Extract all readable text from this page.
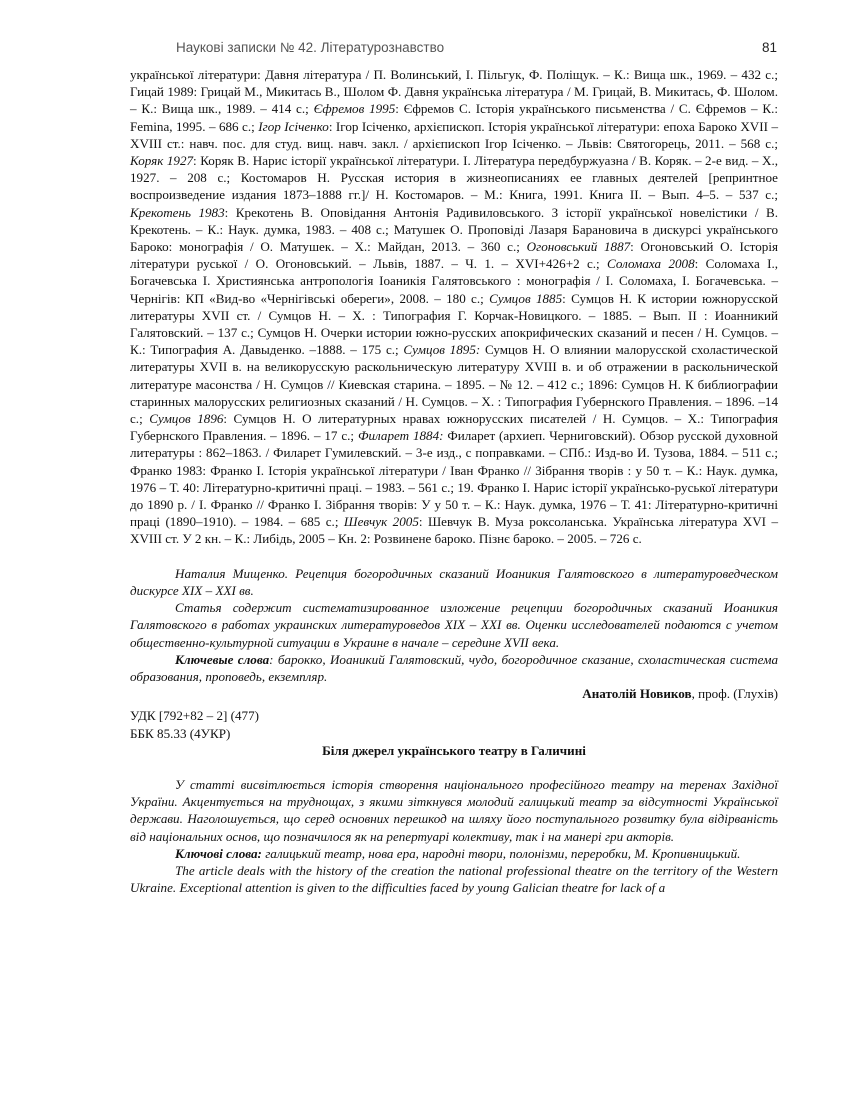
Наукові записки № 42. Літературознавство	81

української літератури: Давня література / П. Волинський, І. Пільгук, Ф. Поліщук. – К.: Вища шк., 1969. – 432 с.; Гицай 1989: Грицай М., Микитась В., Шолом Ф. Давня українська література / М. Грицай, В. Микитась, Ф. Шолом. – К.: Вища шк., 1989. – 414 с.; Єфремов 1995: Єфремов С. Історія українського письменства / С. Єфремов – К.: Femina, 1995. – 686 с.; Ігор Ісіченко: Ігор Ісіченко, архієпископ. Історія української літератури: епоха Бароко XVII – XVIII ст.: навч. пос. для студ. вищ. навч. закл. / архієпископ Ігор Ісіченко. – Львів: Святогорець, 2011. – 568 с.; Коряк 1927: Коряк В. Нарис історії української літератури. І. Література передбуржуазна / В. Коряк. – 2-е вид. – Х., 1927. – 208 с.; Костомаров Н. Русская история в жизнеописаниях ее главных деятелей [репринтное воспроизведение издания 1873–1888 гг.]/ Н. Костомаров. – М.: Книга, 1991. Книга ІІ. – Вып. 4–5. – 537 с.; Крекотень 1983: Крекотень В. Оповідання Антонія Радивиловського. З історії української новелістики / В. Крекотень. – К.: Наук. думка, 1983. – 408 с.; Матушек О. Проповіді Лазаря Барановича в дискурсі українського Бароко: монографія / О. Матушек. – Х.: Майдан, 2013. – 360 с.; Огоновський 1887: Огоновський О. Історія літератури руської / О. Огоновський. – Львів, 1887. – Ч. 1. – XVI+426+2 с.; Соломаха 2008: Соломаха І., Богачевська І. Християнська антропологія Іоаникія Галятовського : монографія / І. Соломаха, І. Богачевська. – Чернігів: КП «Вид-во «Чернігівські обереги», 2008. – 180 с.; Сумцов 1885: Сумцов Н. К истории южнорусской литературы XVII ст. / Сумцов Н. – Х. : Типография Г. Корчак-Новицкого. – 1885. – Вып. ІІ : Иоанникий Галятовский. – 137 с.; Сумцов Н. Очерки истории южно-русских апокрифических сказаний и песен / Н. Сумцов. – К.: Типография А. Давыденко. –1888. – 175 с.; Сумцов 1895: Сумцов Н. О влиянии малорусской схоластической литературы XVII в. на великорусскую раскольническую литературу XVIII в. и об отражении в раскольнической литературе масонства / Н. Сумцов // Киевская старина. – 1895. – № 12. – 412 с.; 1896: Сумцов Н. К библиографии старинных малорусских религиозных сказаний / Н. Сумцов. – Х. : Типография Губернского Правления. – 1896. –14 с.; Сумцов 1896: Сумцов Н. О литературных нравах южнорусских писателей / Н. Сумцов. – Х.: Типография Губернского Правления. – 1896. – 17 с.; Филарет 1884: Филарет (архиеп. Черниговский). Обзор русской духовной литературы : 862–1863. / Филарет Гумилевский. – 3-е изд., с поправками. – СПб.: Изд-во И. Тузова, 1884. – 511 с.; Франко 1983: Франко І. Історія української літератури / Іван Франко // Зібрання творів : у 50 т. – К.: Наук. думка, 1976 – Т. 40: Літературно-критичні праці. – 1983. – 561 с.; 19. Франко І. Нарис історії українсько-руської літератури до 1890 р. / І. Франко // Франко І. Зібрання творів: У у 50 т. – К.: Наук. думка, 1976 – Т. 41: Літературно-критичні праці (1890–1910). – 1984. – 685 с.; Шевчук 2005: Шевчук В. Муза роксоланська. Українська література XVI – XVIII ст. У 2 кн. – К.: Либідь, 2005 – Кн. 2: Розвинене бароко. Пізнє бароко. – 2005. – 726 с.

Наталия Мищенко. Рецепция богородичных сказаний Иоаникия Галятовского в литературоведческом дискурсе XIX – XXI вв.

Статья содержит систематизированное изложение рецепции богородичных сказаний Иоаникия Галятовского в работах украинских литературоведов XIX – XXI вв. Оценки исследователей подаются с учетом общественно-культурной ситуации в Украине в начале – середине XVII века.

Ключевые слова: барокко, Иоаникий Галятовский, чудо, богородичное сказание, схоластическая система образования, проповедь, екземпляр.

Анатолій Новиков, проф. (Глухів)

УДК [792+82 – 2] (477)

ББК 85.33 (4УКР)

Біля джерел українського театру в Галичині

У статті висвітлюється історія створення національного професійного театру на теренах Західної України. Акцентується на труднощах, з якими зіткнувся молодий галицький театр за відсутності Української держави. Наголошується, що серед основних перешкод на шляху його поступального розвитку була відірваність від національних основ, що позначилося як на репертуарі колективу, так і на манері гри акторів.

Ключові слова: галицький театр, нова ера, народні твори, полонізми, переробки, М. Кропивницький.

The article deals with the history of the creation the national professional theatre on the territory of the Western Ukraine. Exceptional attention is given to the difficulties faced by young Galician theatre for lack of a
